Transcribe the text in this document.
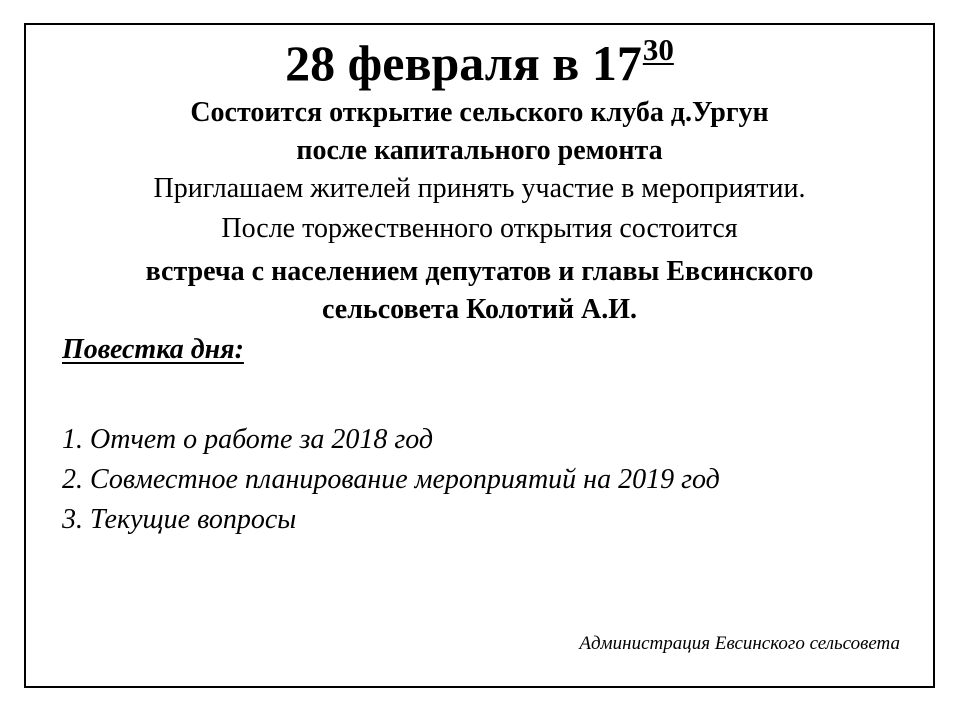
28 февраля в $17^{30}$
Состоится открытие сельского клуба д.Ургун
после капитального ремонта
Приглашаем жителей принять участие в мероприятии.
После торжественного открытия состоится
встреча с населением депутатов и главы Евсинского
сельсовета Колотий А.И.
Повестка дня:
1. Отчет о работе за 2018 год
2. Совместное планирование мероприятий на 2019 год
3. Текущие вопросы
Администрация Евсинского сельсовета
